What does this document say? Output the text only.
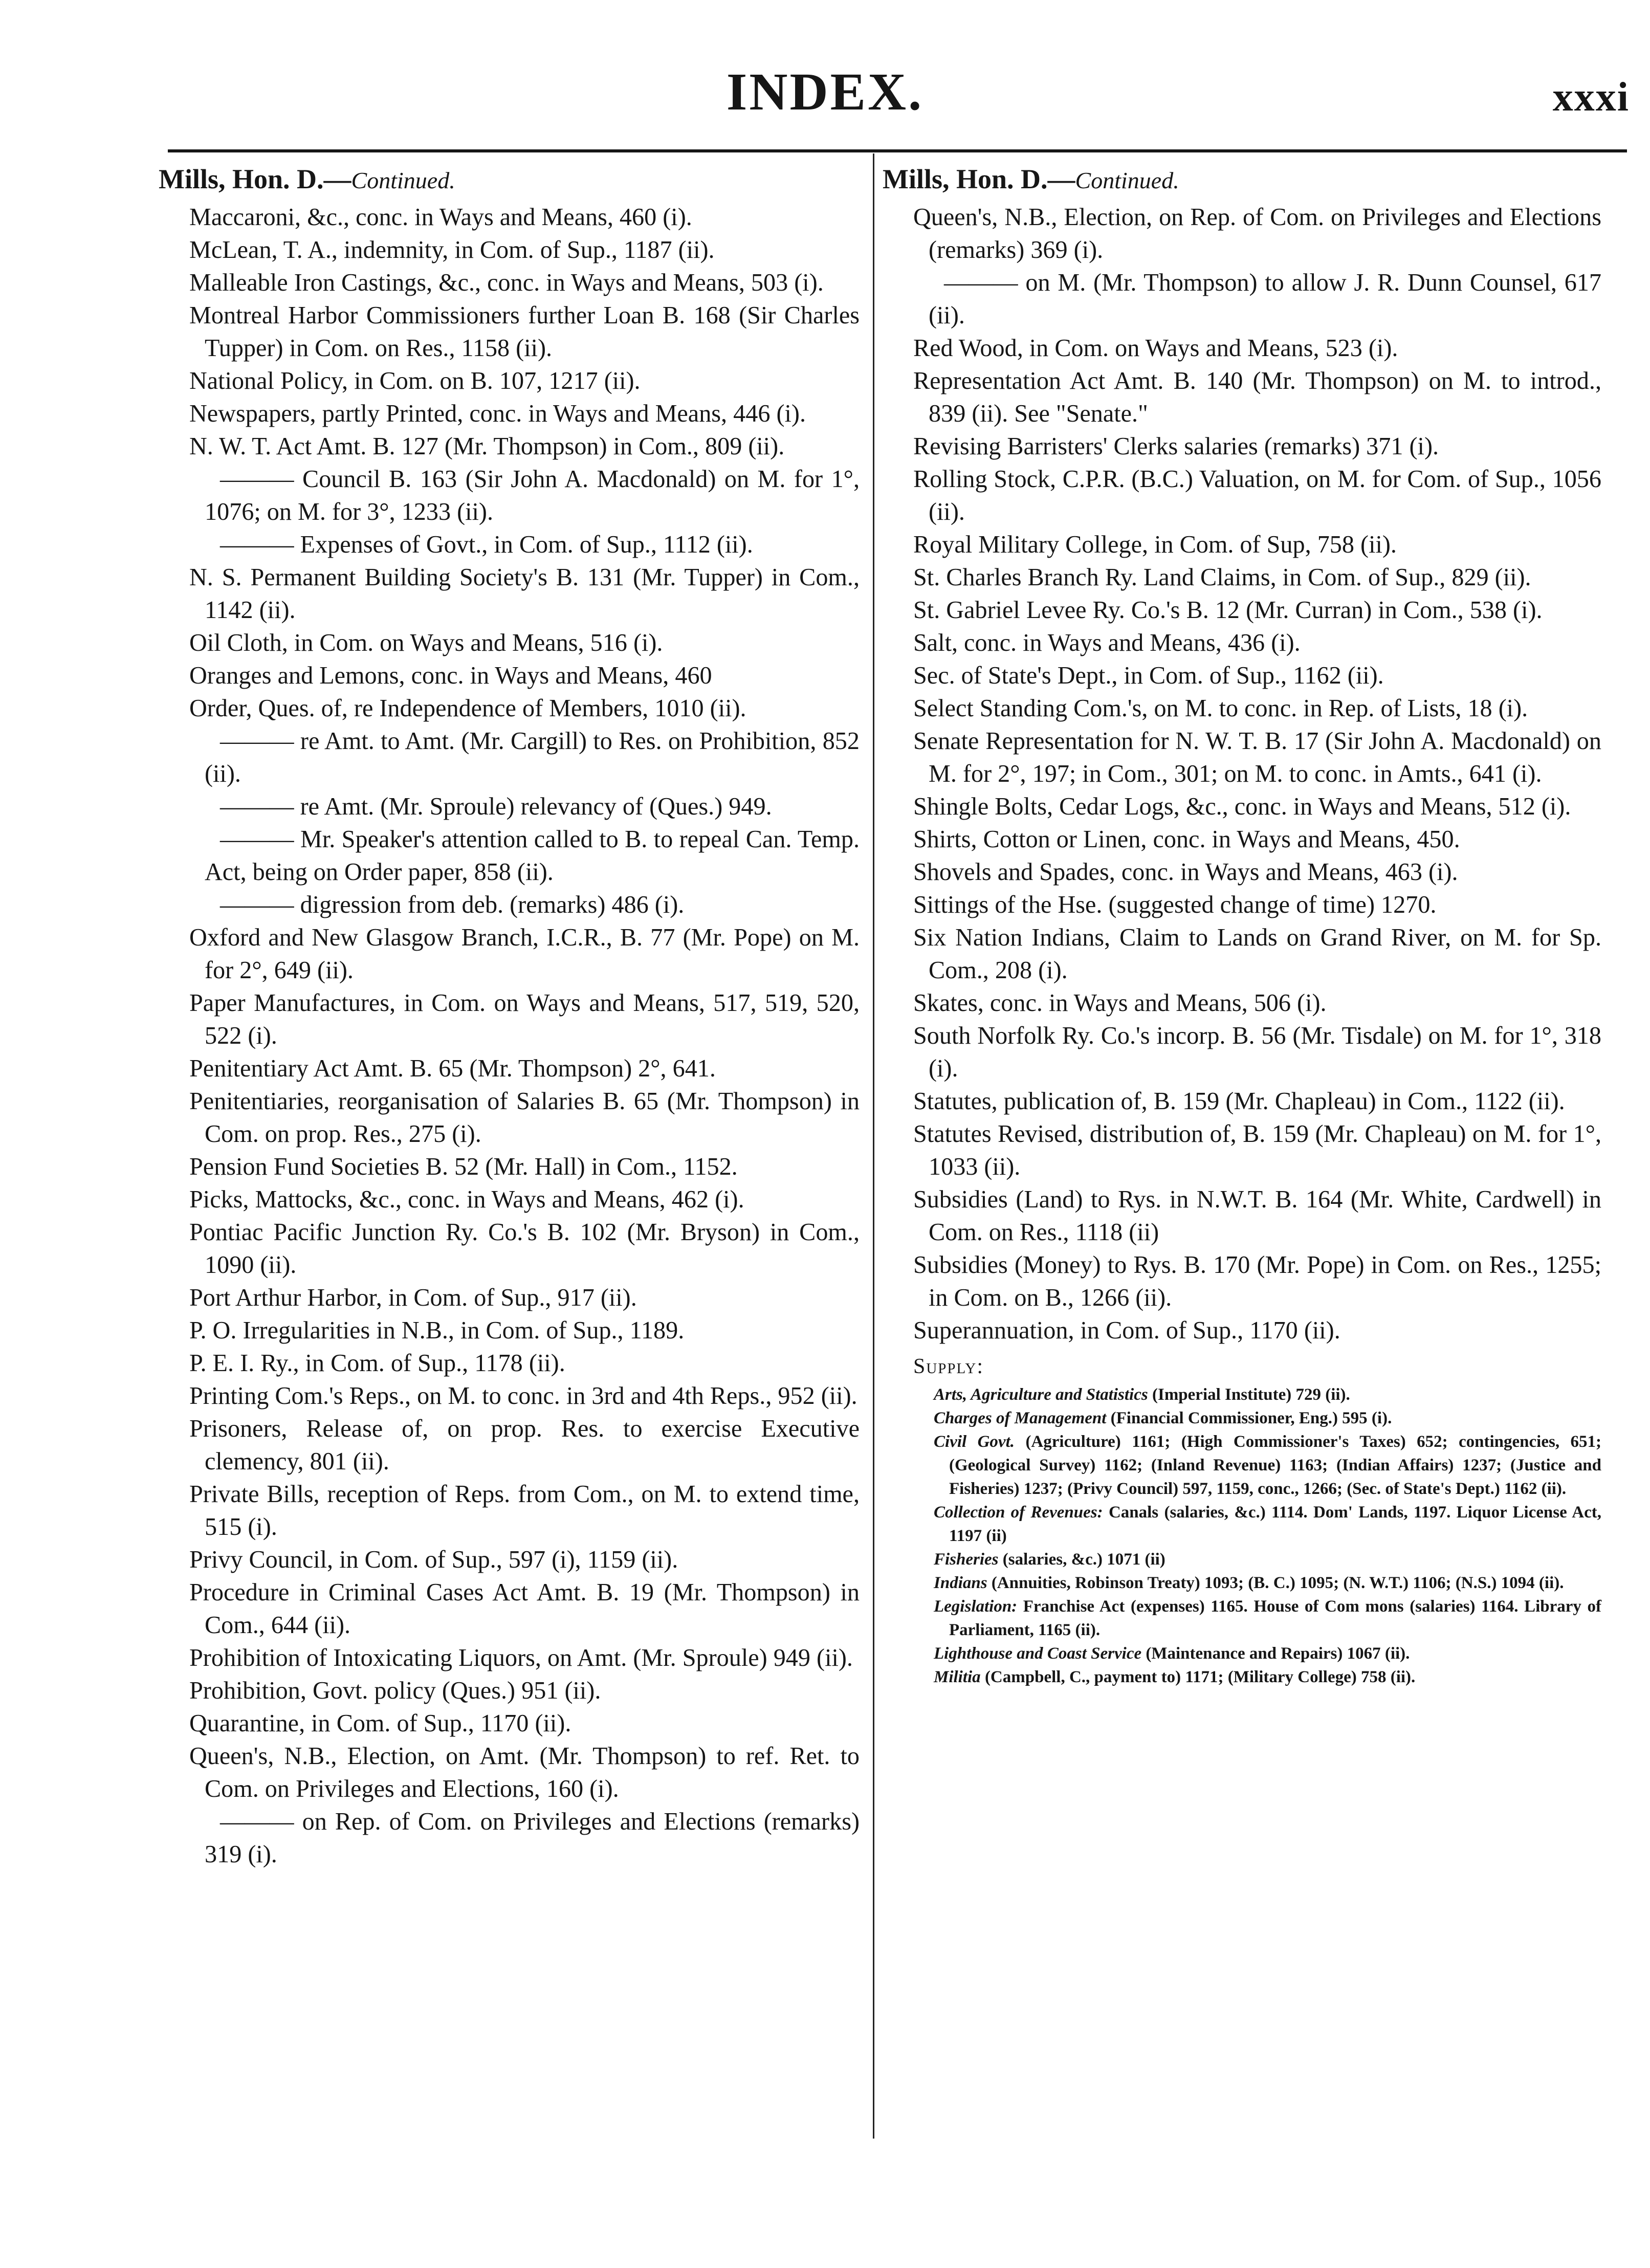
INDEX.	xxxi
Mills, Hon. D.—Continued.

Maccaroni, &c., conc. in Ways and Means, 460 (i).

McLean, T. A., indemnity, in Com. of Sup., 1187 (ii).

Malleable Iron Castings, &c., conc. in Ways and Means, 503 (i).

Montreal Harbor Commissioners further Loan B. 168 (Sir Charles Tupper) in Com. on Res., 1158 (ii).

National Policy, in Com. on B. 107, 1217 (ii).

Newspapers, partly Printed, conc. in Ways and Means, 446 (i).

N. W. T. Act Amt. B. 127 (Mr. Thompson) in Com., 809 (ii).

——— Council B. 163 (Sir John A. Macdonald) on M. for 1°, 1076; on M. for 3°, 1233 (ii).

——— Expenses of Govt., in Com. of Sup., 1112 (ii).

N. S. Permanent Building Society's B. 131 (Mr. Tupper) in Com., 1142 (ii).

Oil Cloth, in Com. on Ways and Means, 516 (i).

Oranges and Lemons, conc. in Ways and Means, 460

Order, Ques. of, re Independence of Members, 1010 (ii).

——— re Amt. to Amt. (Mr. Cargill) to Res. on Prohibition, 852 (ii).

——— re Amt. (Mr. Sproule) relevancy of (Ques.) 949.

——— Mr. Speaker's attention called to B. to repeal Can. Temp. Act, being on Order paper, 858 (ii).

——— digression from deb. (remarks) 486 (i).

Oxford and New Glasgow Branch, I.C.R., B. 77 (Mr. Pope) on M. for 2°, 649 (ii).

Paper Manufactures, in Com. on Ways and Means, 517, 519, 520, 522 (i).

Penitentiary Act Amt. B. 65 (Mr. Thompson) 2°, 641.

Penitentiaries, reorganisation of Salaries B. 65 (Mr. Thompson) in Com. on prop. Res., 275 (i).

Pension Fund Societies B. 52 (Mr. Hall) in Com., 1152.

Picks, Mattocks, &c., conc. in Ways and Means, 462 (i).

Pontiac Pacific Junction Ry. Co.'s B. 102 (Mr. Bryson) in Com., 1090 (ii).

Port Arthur Harbor, in Com. of Sup., 917 (ii).

P. O. Irregularities in N.B., in Com. of Sup., 1189.

P. E. I. Ry., in Com. of Sup., 1178 (ii).

Printing Com.'s Reps., on M. to conc. in 3rd and 4th Reps., 952 (ii).

Prisoners, Release of, on prop. Res. to exercise Executive clemency, 801 (ii).

Private Bills, reception of Reps. from Com., on M. to extend time, 515 (i).

Privy Council, in Com. of Sup., 597 (i), 1159 (ii).

Procedure in Criminal Cases Act Amt. B. 19 (Mr. Thompson) in Com., 644 (ii).

Prohibition of Intoxicating Liquors, on Amt. (Mr. Sproule) 949 (ii).

Prohibition, Govt. policy (Ques.) 951 (ii).

Quarantine, in Com. of Sup., 1170 (ii).

Queen's, N.B., Election, on Amt. (Mr. Thompson) to ref. Ret. to Com. on Privileges and Elections, 160 (i).

——— on Rep. of Com. on Privileges and Elections (remarks) 319 (i).

Mills, Hon. D.—Continued.

Queen's, N.B., Election, on Rep. of Com. on Privileges and Elections (remarks) 369 (i).

——— on M. (Mr. Thompson) to allow J. R. Dunn Counsel, 617 (ii).

Red Wood, in Com. on Ways and Means, 523 (i).

Representation Act Amt. B. 140 (Mr. Thompson) on M. to introd., 839 (ii). See "Senate."

Revising Barristers' Clerks salaries (remarks) 371 (i).

Rolling Stock, C.P.R. (B.C.) Valuation, on M. for Com. of Sup., 1056 (ii).

Royal Military College, in Com. of Sup, 758 (ii).

St. Charles Branch Ry. Land Claims, in Com. of Sup., 829 (ii).

St. Gabriel Levee Ry. Co.'s B. 12 (Mr. Curran) in Com., 538 (i).

Salt, conc. in Ways and Means, 436 (i).

Sec. of State's Dept., in Com. of Sup., 1162 (ii).

Select Standing Com.'s, on M. to conc. in Rep. of Lists, 18 (i).

Senate Representation for N. W. T. B. 17 (Sir John A. Macdonald) on M. for 2°, 197; in Com., 301; on M. to conc. in Amts., 641 (i).

Shingle Bolts, Cedar Logs, &c., conc. in Ways and Means, 512 (i).

Shirts, Cotton or Linen, conc. in Ways and Means, 450.

Shovels and Spades, conc. in Ways and Means, 463 (i).

Sittings of the Hse. (suggested change of time) 1270.

Six Nation Indians, Claim to Lands on Grand River, on M. for Sp. Com., 208 (i).

Skates, conc. in Ways and Means, 506 (i).

South Norfolk Ry. Co.'s incorp. B. 56 (Mr. Tisdale) on M. for 1°, 318 (i).

Statutes, publication of, B. 159 (Mr. Chapleau) in Com., 1122 (ii).

Statutes Revised, distribution of, B. 159 (Mr. Chapleau) on M. for 1°, 1033 (ii).

Subsidies (Land) to Rys. in N.W.T. B. 164 (Mr. White, Cardwell) in Com. on Res., 1118 (ii)

Subsidies (Money) to Rys. B. 170 (Mr. Pope) in Com. on Res., 1255; in Com. on B., 1266 (ii).

Superannuation, in Com. of Sup., 1170 (ii).

Supply:

Arts, Agriculture and Statistics (Imperial Institute) 729 (ii).

Charges of Management (Financial Commissioner, Eng.) 595 (i).

Civil Govt. (Agriculture) 1161; (High Commissioner's Taxes) 652; contingencies, 651; (Geological Survey) 1162; (Inland Revenue) 1163; (Indian Affairs) 1237; (Justice and Fisheries) 1237; (Privy Council) 597, 1159, conc., 1266; (Sec. of State's Dept.) 1162 (ii).

Collection of Revenues: Canals (salaries, &c.) 1114. Dom' Lands, 1197. Liquor License Act, 1197 (ii)

Fisheries (salaries, &c.) 1071 (ii)

Indians (Annuities, Robinson Treaty) 1093; (B. C.) 1095; (N. W.T.) 1106; (N.S.) 1094 (ii).

Legislation: Franchise Act (expenses) 1165. House of Com mons (salaries) 1164. Library of Parliament, 1165 (ii).

Lighthouse and Coast Service (Maintenance and Repairs) 1067 (ii).

Militia (Campbell, C., payment to) 1171; (Military College) 758 (ii).
